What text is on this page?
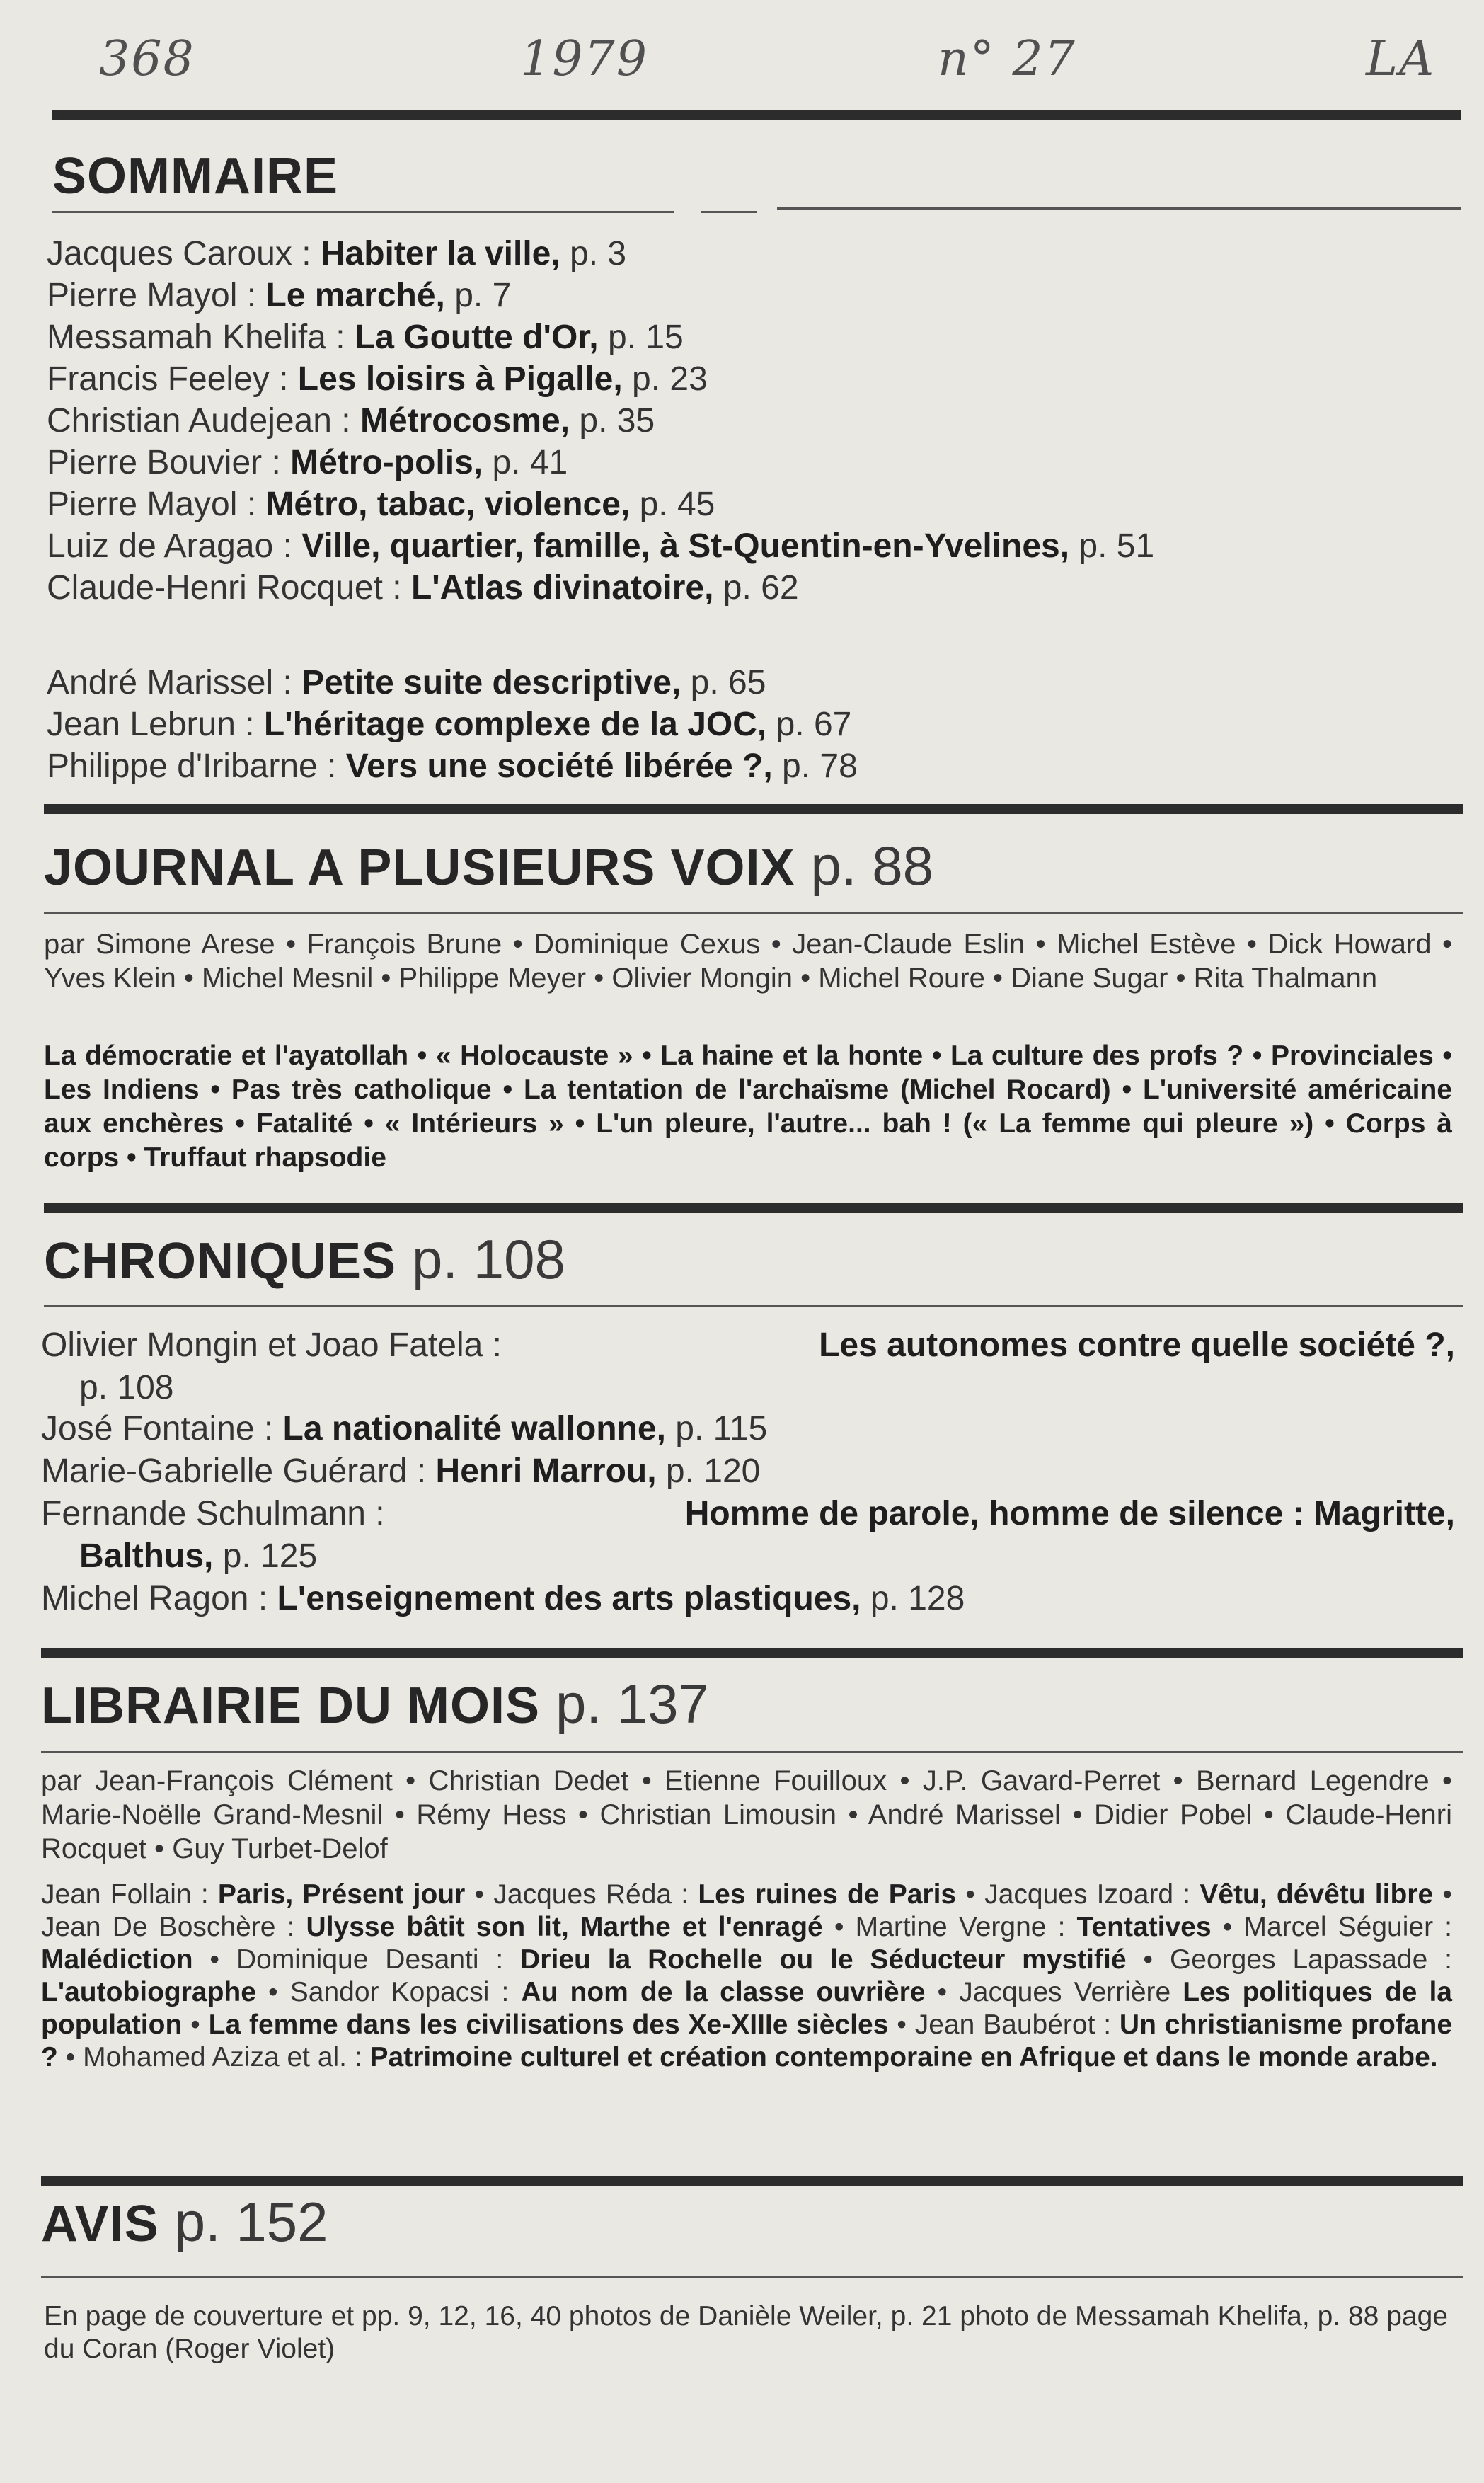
368	1979	n° 27	LA
SOMMAIRE
Jacques Caroux : Habiter la ville, p. 3
Pierre Mayol : Le marché, p. 7
Messamah Khelifa : La Goutte d'Or, p. 15
Francis Feeley : Les loisirs à Pigalle, p. 23
Christian Audejean : Métrocosme, p. 35
Pierre Bouvier : Métro-polis, p. 41
Pierre Mayol : Métro, tabac, violence, p. 45
Luiz de Aragao : Ville, quartier, famille, à St-Quentin-en-Yvelines, p. 51
Claude-Henri Rocquet : L'Atlas divinatoire, p. 62
André Marissel : Petite suite descriptive, p. 65
Jean Lebrun : L'héritage complexe de la JOC, p. 67
Philippe d'Iribarne : Vers une société libérée ?, p. 78
JOURNAL A PLUSIEURS VOIX p. 88
par Simone Arese • François Brune • Dominique Cexus • Jean-Claude Eslin • Michel Estève • Dick Howard • Yves Klein • Michel Mesnil • Philippe Meyer • Olivier Mongin • Michel Roure • Diane Sugar • Rita Thalmann
La démocratie et l'ayatollah • « Holocauste » • La haine et la honte • La culture des profs ? • Provinciales • Les Indiens • Pas très catholique • La tentation de l'archaïsme (Michel Rocard) • L'université américaine aux enchères • Fatalité • « Intérieurs » • L'un pleure, l'autre... bah ! (« La femme qui pleure ») • Corps à corps • Truffaut rhapsodie
CHRONIQUES p. 108
Olivier Mongin et Joao Fatela :	Les autonomes contre quelle société ?,
p. 108
José Fontaine : La nationalité wallonne, p. 115
Marie-Gabrielle Guérard : Henri Marrou, p. 120
Fernande Schulmann :	Homme de parole, homme de silence : Magritte,
Balthus, p. 125
Michel Ragon : L'enseignement des arts plastiques, p. 128
LIBRAIRIE DU MOIS p. 137
par Jean-François Clément • Christian Dedet • Etienne Fouilloux • J.P. Gavard-Perret • Bernard Legendre • Marie-Noëlle Grand-Mesnil • Rémy Hess • Christian Limousin • André Marissel • Didier Pobel • Claude-Henri Rocquet • Guy Turbet-Delof
Jean Follain : Paris, Présent jour • Jacques Réda : Les ruines de Paris • Jacques Izoard : Vêtu, dévêtu libre • Jean De Boschère : Ulysse bâtit son lit, Marthe et l'enragé • Martine Vergne : Tentatives • Marcel Séguier : Malédiction • Dominique Desanti : Drieu la Rochelle ou le Séducteur mystifié • Georges Lapassade : L'autobiographe • Sandor Kopacsi : Au nom de la classe ouvrière • Jacques Verrière Les politiques de la population • La femme dans les civilisations des Xe-XIIIe siècles • Jean Baubérot : Un christianisme profane ? • Mohamed Aziza et al. : Patrimoine culturel et création contemporaine en Afrique et dans le monde arabe.
AVIS p. 152
En page de couverture et pp. 9, 12, 16, 40 photos de Danièle Weiler, p. 21 photo de Messamah Khelifa, p. 88 page du Coran (Roger Violet)
